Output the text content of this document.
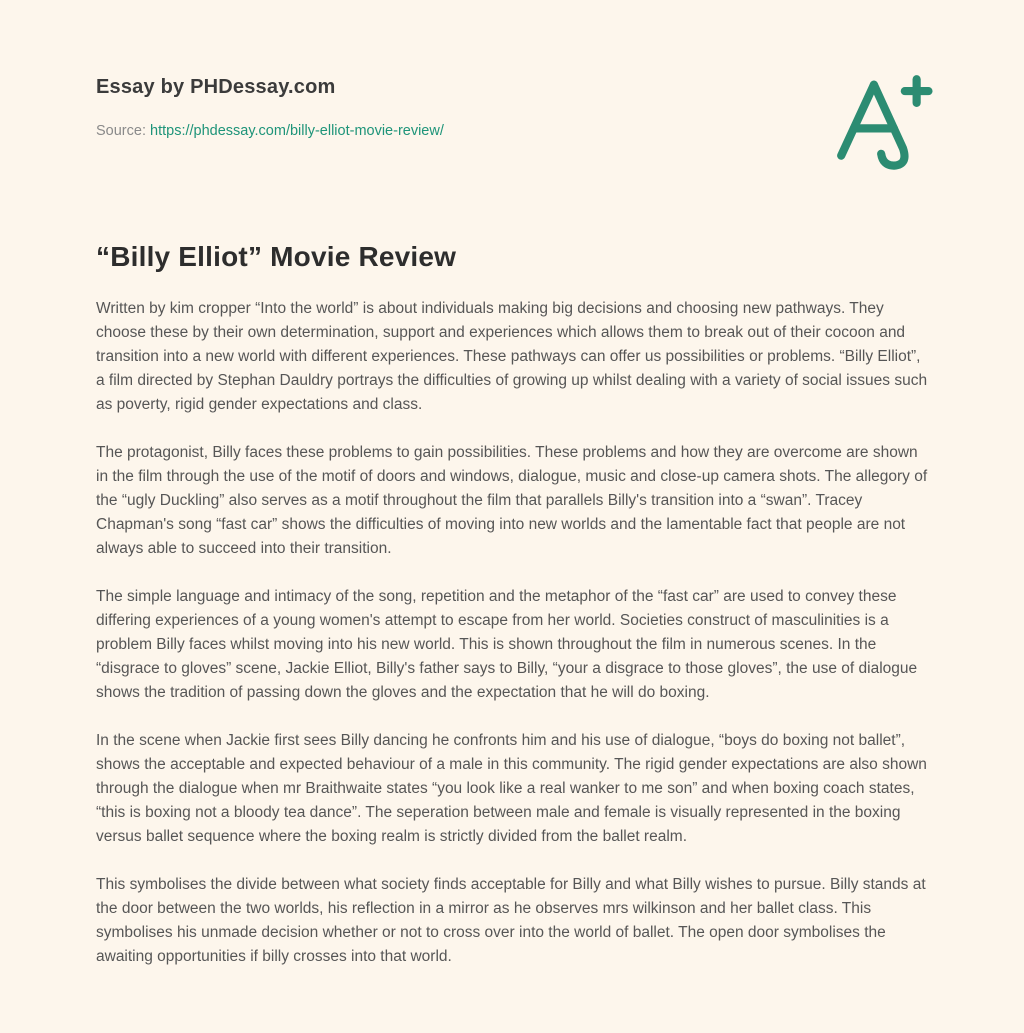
Essay by PHDessay.com
Source: https://phdessay.com/billy-elliot-movie-review/
“Billy Elliot” Movie Review

Written by kim cropper “Into the world” is about individuals making big decisions and choosing new pathways. They choose these by their own determination, support and experiences which allows them to break out of their cocoon and transition into a new world with different experiences. These pathways can offer us possibilities or problems. “Billy Elliot”, a film directed by Stephan Dauldry portrays the difficulties of growing up whilst dealing with a variety of social issues such as poverty, rigid gender expectations and class.

The protagonist, Billy faces these problems to gain possibilities. These problems and how they are overcome are shown in the film through the use of the motif of doors and windows, dialogue, music and close-up camera shots. The allegory of the “ugly Duckling” also serves as a motif throughout the film that parallels Billy's transition into a “swan”. Tracey Chapman's song “fast car” shows the difficulties of moving into new worlds and the lamentable fact that people are not always able to succeed into their transition.

The simple language and intimacy of the song, repetition and the metaphor of the “fast car” are used to convey these differing experiences of a young women's attempt to escape from her world. Societies construct of masculinities is a problem Billy faces whilst moving into his new world. This is shown throughout the film in numerous scenes. In the “disgrace to gloves” scene, Jackie Elliot, Billy's father says to Billy, “your a disgrace to those gloves”, the use of dialogue shows the tradition of passing down the gloves and the expectation that he will do boxing.

In the scene when Jackie first sees Billy dancing he confronts him and his use of dialogue, “boys do boxing not ballet”, shows the acceptable and expected behaviour of a male in this community. The rigid gender expectations are also shown through the dialogue when mr Braithwaite states “you look like a real wanker to me son” and when boxing coach states, “this is boxing not a bloody tea dance”. The seperation between male and female is visually represented in the boxing versus ballet sequence where the boxing realm is strictly divided from the ballet realm.

This symbolises the divide between what society finds acceptable for Billy and what Billy wishes to pursue. Billy stands at the door between the two worlds, his reflection in a mirror as he observes mrs wilkinson and her ballet class. This symbolises his unmade decision whether or not to cross over into the world of ballet. The open door symbolises the awaiting opportunities if billy crosses into that world.
